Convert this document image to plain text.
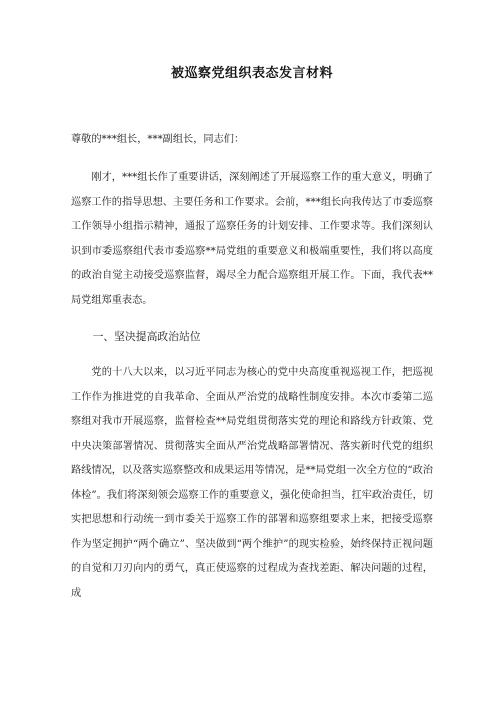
被巡察党组织表态发言材料

尊敬的***组长，***副组长，同志们：

刚才，***组长作了重要讲话，深刻阐述了开展巡察工作的重大意义，明确了巡察工作的指导思想、主要任务和工作要求。会前，***组长向我传达了市委巡察工作领导小组指示精神，通报了巡察任务的计划安排、工作要求等。我们深刻认识到市委巡察组代表市委巡察**局党组的重要意义和极端重要性，我们将以高度的政治自觉主动接受巡察监督，竭尽全力配合巡察组开展工作。下面，我代表**局党组郑重表态。

一、坚决提高政治站位

党的十八大以来，以习近平同志为核心的党中央高度重视巡视工作，把巡视工作作为推进党的自我革命、全面从严治党的战略性制度安排。本次市委第二巡察组对我市开展巡察，监督检查**局党组贯彻落实党的理论和路线方针政策、党中央决策部署情况、贯彻落实全面从严治党战略部署情况、落实新时代党的组织路线情况，以及落实巡察整改和成果运用等情况，是**局党组一次全方位的“政治体检”。我们将深刻领会巡察工作的重要意义，强化使命担当，扛牢政治责任，切实把思想和行动统一到市委关于巡察工作的部署和巡察组要求上来，把接受巡察作为坚定拥护“两个确立”、坚决做到“两个维护”的现实检验，始终保持正视问题的自觉和刀刃向内的勇气，真正使巡察的过程成为查找差距、解决问题的过程，成
